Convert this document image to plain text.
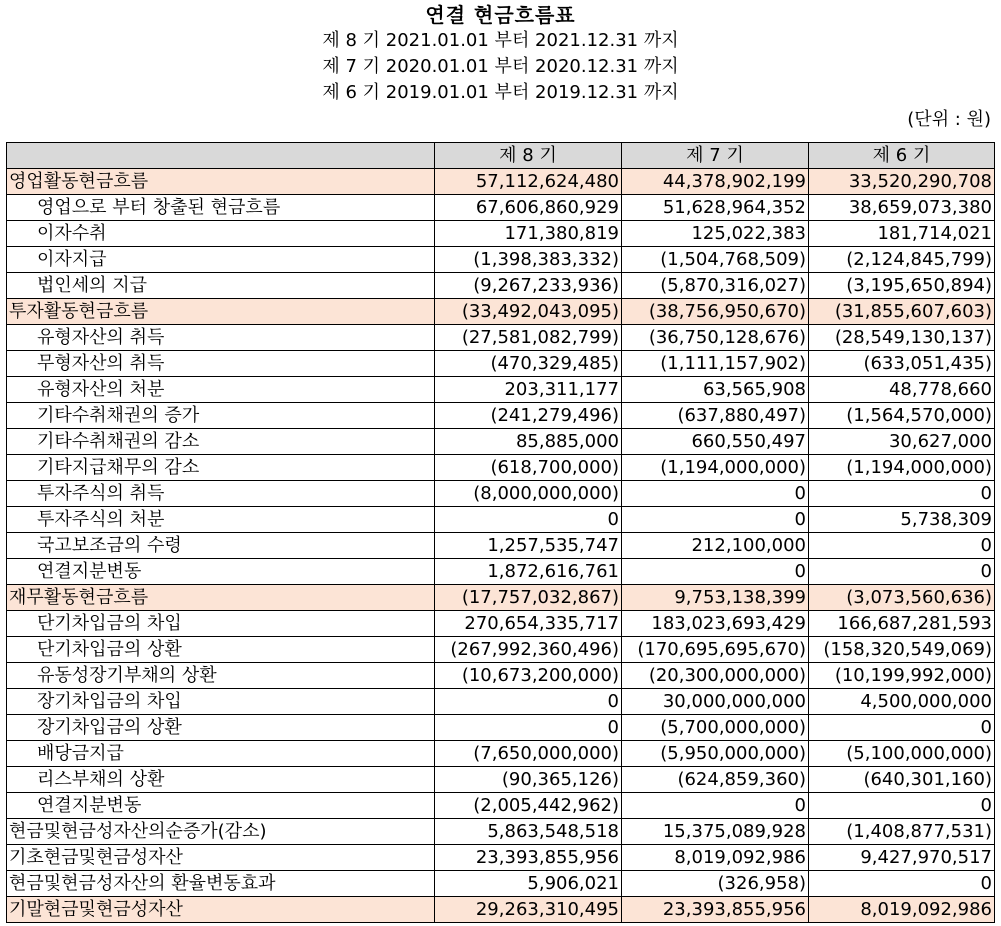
연결 현금흐름표
제 8 기 2021.01.01 부터 2021.12.31 까지
제 7 기 2020.01.01 부터 2020.12.31 까지
제 6 기 2019.01.01 부터 2019.12.31 까지
(단위 : 원)
	제 8 기	제 7 기	제 6 기
영업활동현금흐름	57,112,624,480	44,378,902,199	33,520,290,708
영업으로 부터 창출된 현금흐름	67,606,860,929	51,628,964,352	38,659,073,380
이자수취	171,380,819	125,022,383	181,714,021
이자지급	(1,398,383,332)	(1,504,768,509)	(2,124,845,799)
법인세의 지급	(9,267,233,936)	(5,870,316,027)	(3,195,650,894)
투자활동현금흐름	(33,492,043,095)	(38,756,950,670)	(31,855,607,603)
유형자산의 취득	(27,581,082,799)	(36,750,128,676)	(28,549,130,137)
무형자산의 취득	(470,329,485)	(1,111,157,902)	(633,051,435)
유형자산의 처분	203,311,177	63,565,908	48,778,660
기타수취채권의 증가	(241,279,496)	(637,880,497)	(1,564,570,000)
기타수취채권의 감소	85,885,000	660,550,497	30,627,000
기타지급채무의 감소	(618,700,000)	(1,194,000,000)	(1,194,000,000)
투자주식의 취득	(8,000,000,000)	0	0
투자주식의 처분	0	0	5,738,309
국고보조금의 수령	1,257,535,747	212,100,000	0
연결지분변동	1,872,616,761	0	0
재무활동현금흐름	(17,757,032,867)	9,753,138,399	(3,073,560,636)
단기차입금의 차입	270,654,335,717	183,023,693,429	166,687,281,593
단기차입금의 상환	(267,992,360,496)	(170,695,695,670)	(158,320,549,069)
유동성장기부채의 상환	(10,673,200,000)	(20,300,000,000)	(10,199,992,000)
장기차입금의 차입	0	30,000,000,000	4,500,000,000
장기차입금의 상환	0	(5,700,000,000)	0
배당금지급	(7,650,000,000)	(5,950,000,000)	(5,100,000,000)
리스부채의 상환	(90,365,126)	(624,859,360)	(640,301,160)
연결지분변동	(2,005,442,962)	0	0
현금및현금성자산의순증가(감소)	5,863,548,518	15,375,089,928	(1,408,877,531)
기초현금및현금성자산	23,393,855,956	8,019,092,986	9,427,970,517
현금및현금성자산의 환율변동효과	5,906,021	(326,958)	0
기말현금및현금성자산	29,263,310,495	23,393,855,956	8,019,092,986
